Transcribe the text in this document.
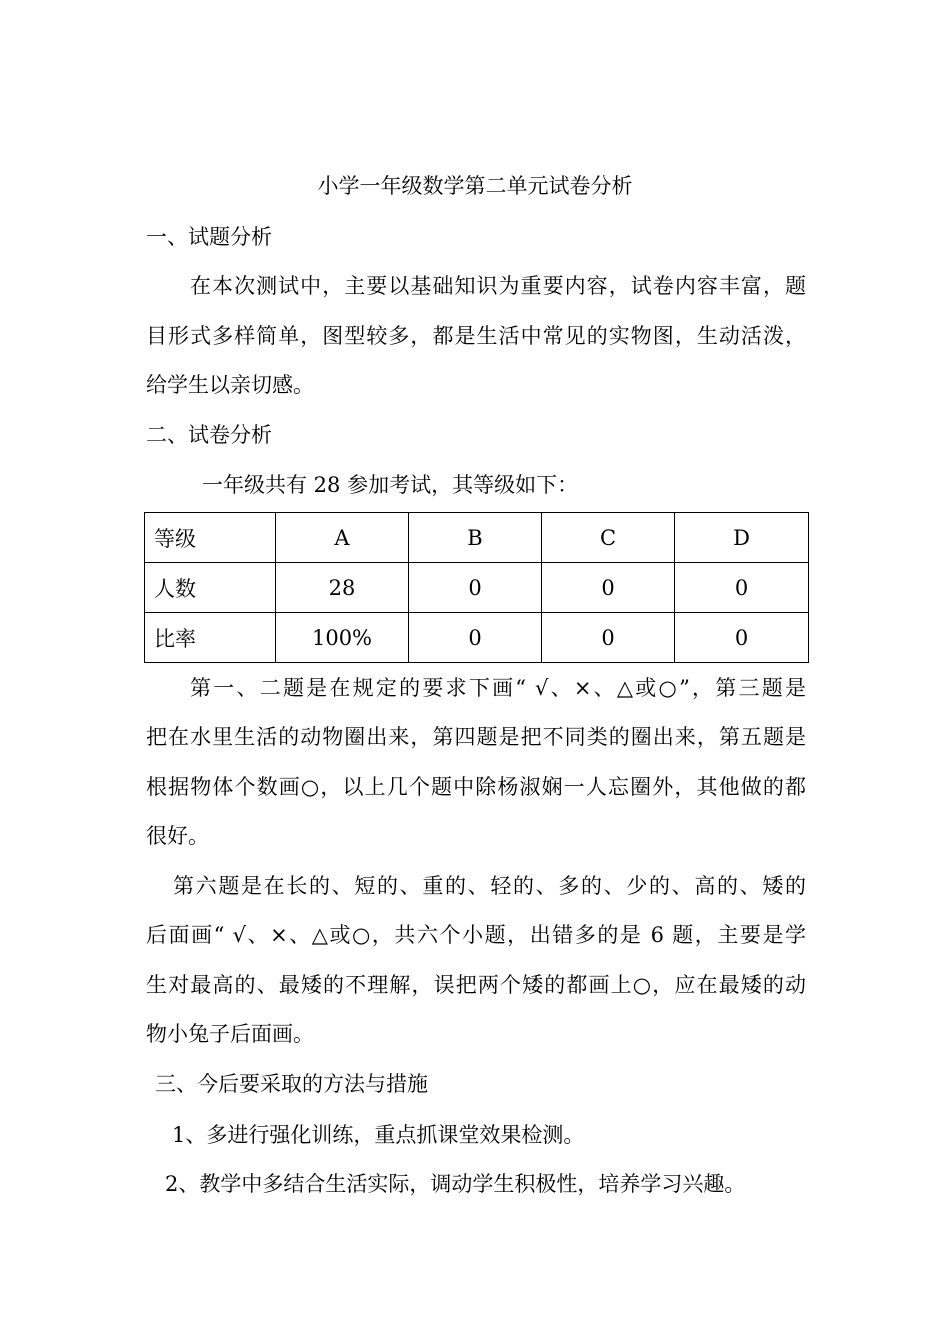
小学一年级数学第二单元试卷分析
一、试题分析
在本次测试中，主要以基础知识为重要内容，试卷内容丰富，题
目形式多样简单，图型较多，都是生活中常见的实物图，生动活泼，
给学生以亲切感。
二、试卷分析
一年级共有 28 参加考试，其等级如下：
等级	A	B	C	D
人数	28	0	0	0
比率	100%	0	0	0
第一、二题是在规定的要求下画“ √、×、△或○”，第三题是
把在水里生活的动物圈出来，第四题是把不同类的圈出来，第五题是
根据物体个数画○，以上几个题中除杨淑娴一人忘圈外，其他做的都
很好。
第六题是在长的、短的、重的、轻的、多的、少的、高的、矮的
后面画“ √、×、△或○，共六个小题，出错多的是 6 题，主要是学
生对最高的、最矮的不理解，误把两个矮的都画上○，应在最矮的动
物小兔子后面画。
三、今后要采取的方法与措施
1、多进行强化训练，重点抓课堂效果检测。
2、教学中多结合生活实际，调动学生积极性，培养学习兴趣。
